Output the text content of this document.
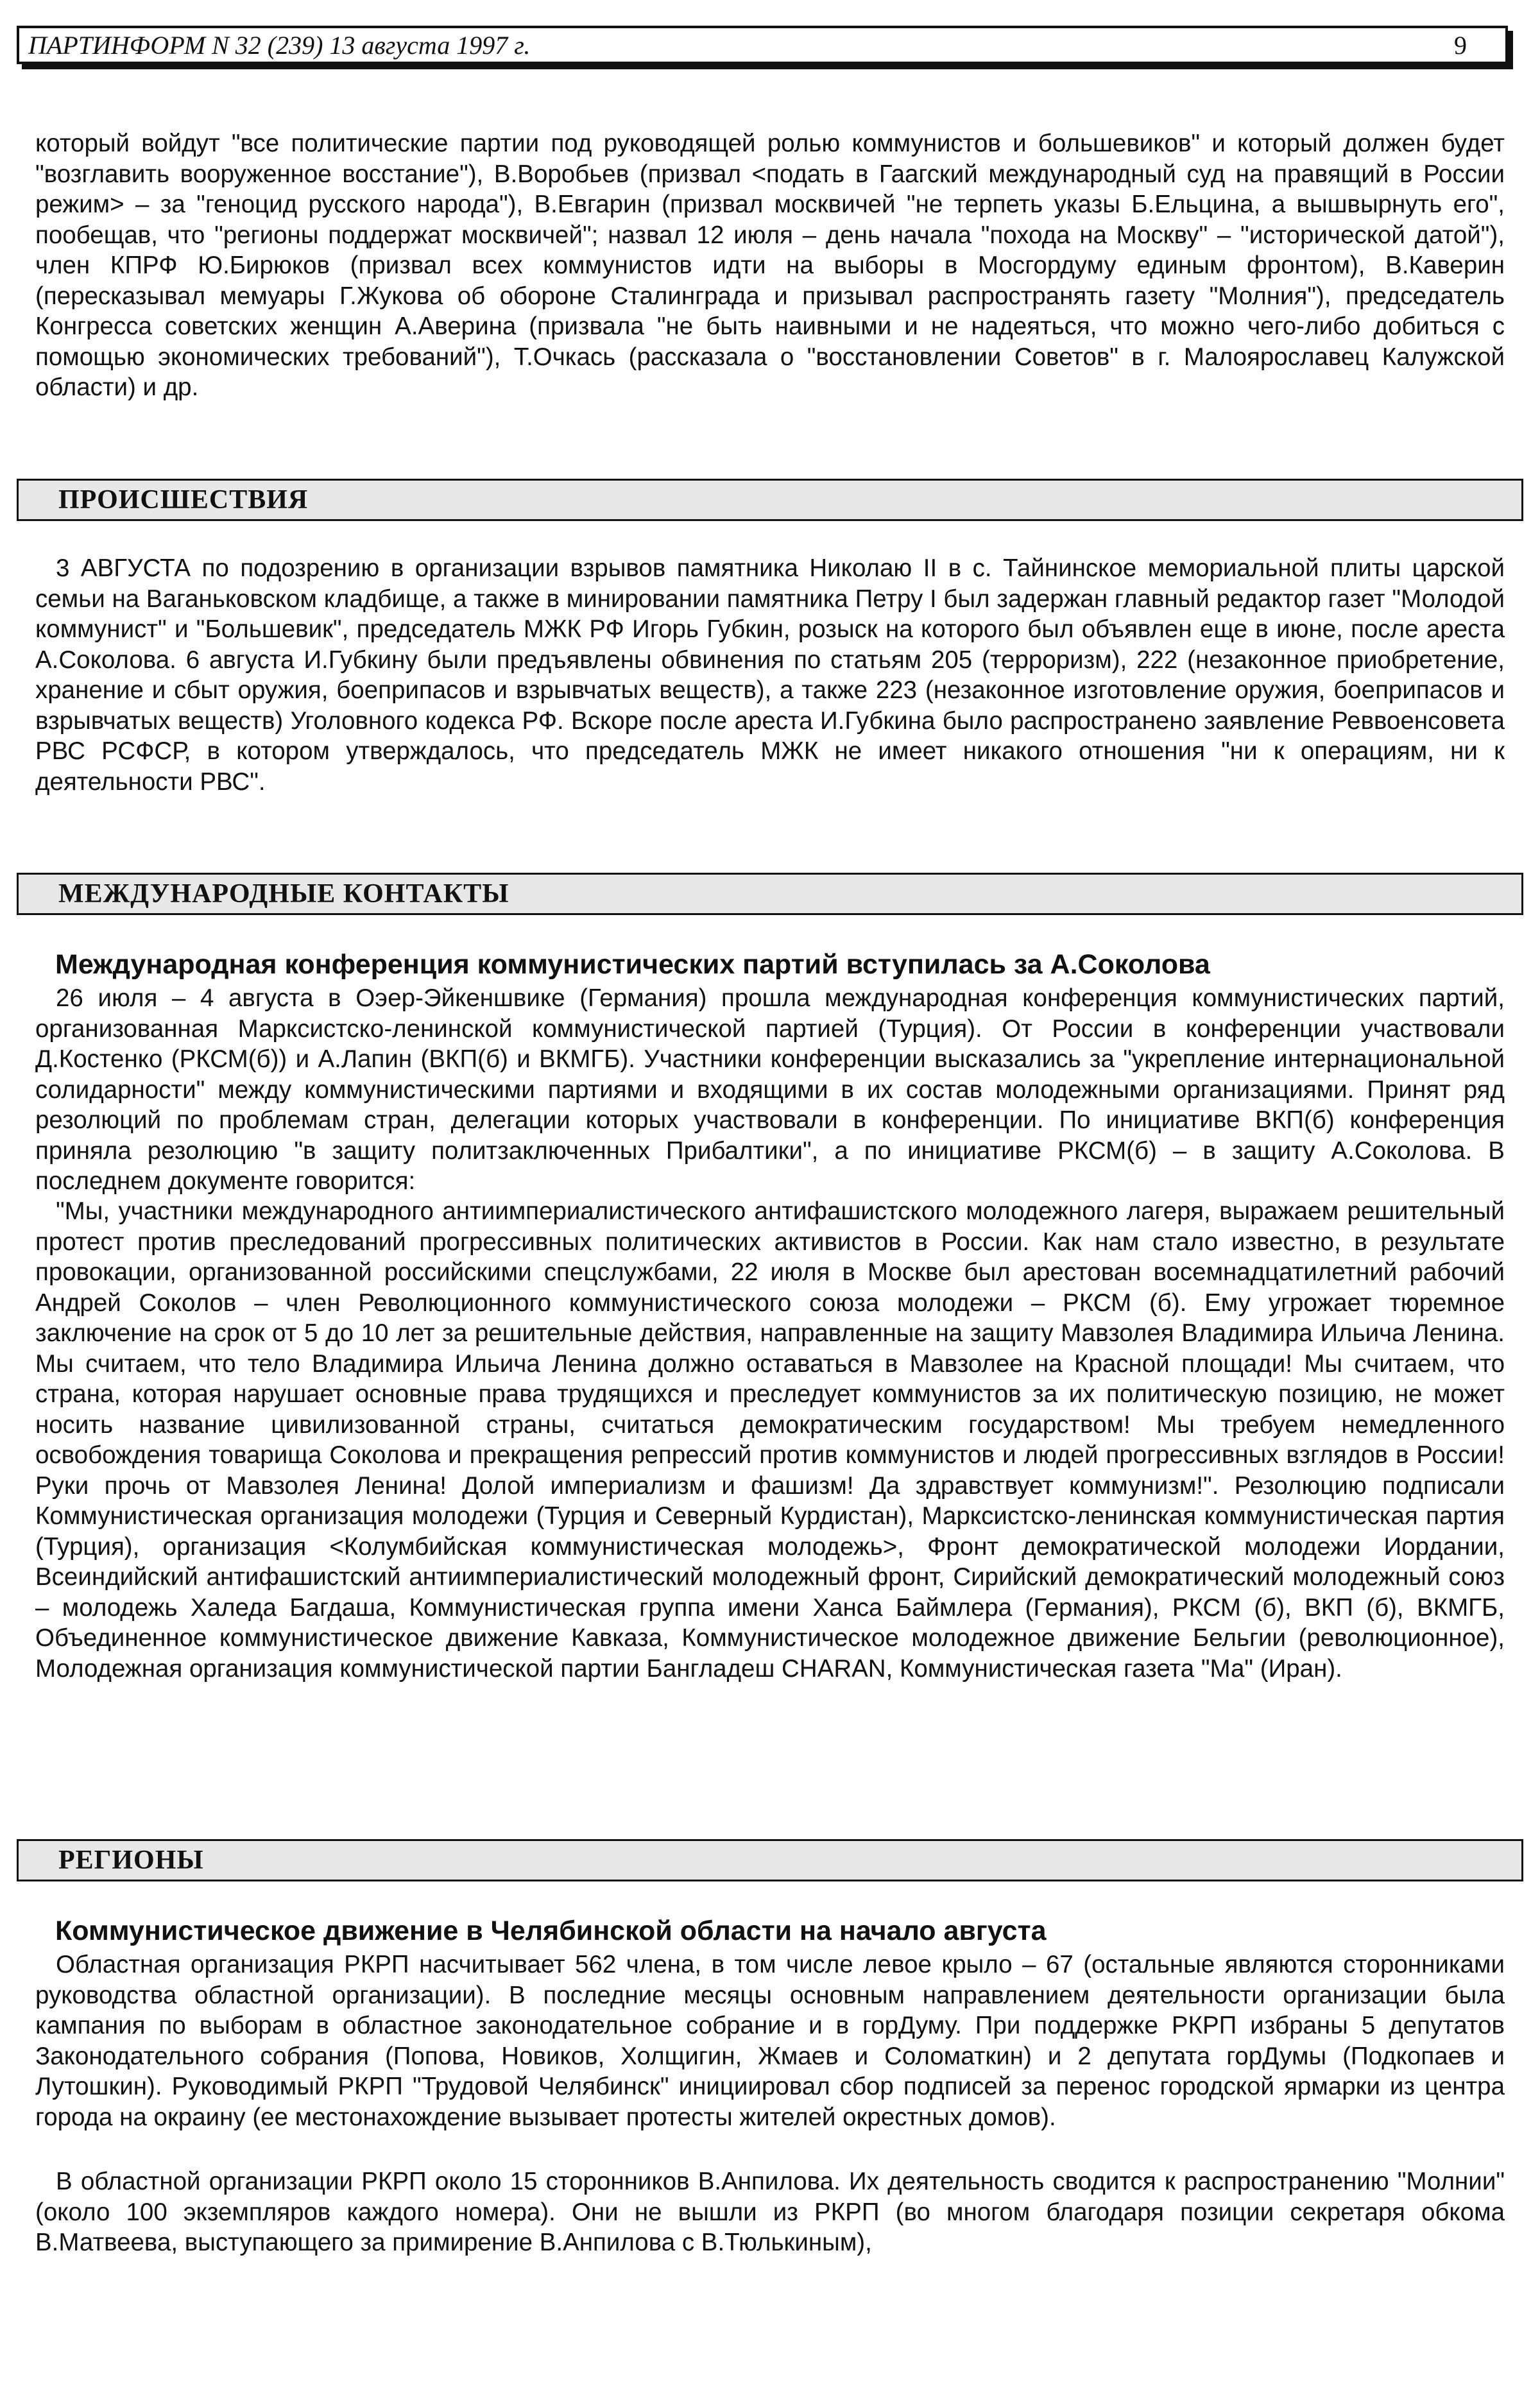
ПАРТИНФОРМ N 32 (239) 13 августа 1997 г.	9

который войдут "все политические партии под руководящей ролью коммунистов и большевиков" и который должен будет "возглавить вооруженное восстание"), В.Воробьев (призвал <подать в Гаагский международный суд на правящий в России режим> – за "геноцид русского народа"), В.Евгарин (призвал москвичей "не терпеть указы Б.Ельцина, а вышвырнуть его", пообещав, что "регионы поддержат москвичей"; назвал 12 июля – день начала "похода на Москву" – "исторической датой"), член КПРФ Ю.Бирюков (призвал всех коммунистов идти на выборы в Мосгордуму единым фронтом), В.Каверин (пересказывал мемуары Г.Жукова об обороне Сталинграда и призывал распространять газету "Молния"), председатель Конгресса советских женщин А.Аверина (призвала "не быть наивными и не надеяться, что можно чего-либо добиться с помощью экономических требований"), Т.Очкась (рассказала о "восстановлении Советов" в г. Малоярославец Калужской области) и др.

ПРОИСШЕСТВИЯ

3 АВГУСТА по подозрению в организации взрывов памятника Николаю II в с. Тайнинское мемориальной плиты царской семьи на Ваганьковском кладбище, а также в минировании памятника Петру I был задержан главный редактор газет "Молодой коммунист" и "Большевик", председатель МЖК РФ Игорь Губкин, розыск на которого был объявлен еще в июне, после ареста А.Соколова. 6 августа И.Губкину были предъявлены обвинения по статьям 205 (терроризм), 222 (незаконное приобретение, хранение и сбыт оружия, боеприпасов и взрывчатых веществ), а также 223 (незаконное изготовление оружия, боеприпасов и взрывчатых веществ) Уголовного кодекса РФ. Вскоре после ареста И.Губкина было распространено заявление Реввоенсовета РВС РСФСР, в котором утверждалось, что председатель МЖК не имеет никакого отношения "ни к операциям, ни к деятельности РВС".

МЕЖДУНАРОДНЫЕ КОНТАКТЫ
Международная конференция коммунистических партий вступилась за А.Соколова

26 июля – 4 августа в Оэер-Эйкеншвике (Германия) прошла международная конференция коммунистических партий, организованная Марксистско-ленинской коммунистической партией (Турция). От России в конференции участвовали Д.Костенко (РКСМ(б)) и А.Лапин (ВКП(б) и ВКМГБ). Участники конференции высказались за "укрепление интернациональной солидарности" между коммунистическими партиями и входящими в их состав молодежными организациями. Принят ряд резолюций по проблемам стран, делегации которых участвовали в конференции. По инициативе ВКП(б) конференция приняла резолюцию "в защиту политзаключенных Прибалтики", а по инициативе РКСМ(б) – в защиту А.Соколова. В последнем документе говорится:

"Мы, участники международного антиимпериалистического антифашистского молодежного лагеря, выражаем решительный протест против преследований прогрессивных политических активистов в России. Как нам стало известно, в результате провокации, организованной российскими спецслужбами, 22 июля в Москве был арестован восемнадцатилетний рабочий Андрей Соколов – член Революционного коммунистического союза молодежи – РКСМ (б). Ему угрожает тюремное заключение на срок от 5 до 10 лет за решительные действия, направленные на защиту Мавзолея Владимира Ильича Ленина. Мы считаем, что тело Владимира Ильича Ленина должно оставаться в Мавзолее на Красной площади! Мы считаем, что страна, которая нарушает основные права трудящихся и преследует коммунистов за их политическую позицию, не может носить название цивилизованной страны, считаться демократическим государством! Мы требуем немедленного освобождения товарища Соколова и прекращения репрессий против коммунистов и людей прогрессивных взглядов в России! Руки прочь от Мавзолея Ленина! Долой империализм и фашизм! Да здравствует коммунизм!". Резолюцию подписали Коммунистическая организация молодежи (Турция и Северный Курдистан), Марксистско-ленинская коммунистическая партия (Турция), организация <Колумбийская коммунистическая молодежь>, Фронт демократической молодежи Иордании, Всеиндийский антифашистский антиимпериалистический молодежный фронт, Сирийский демократический молодежный союз – молодежь Халеда Багдаша, Коммунистическая группа имени Ханса Баймлера (Германия), РКСМ (б), ВКП (б), ВКМГБ, Объединенное коммунистическое движение Кавказа, Коммунистическое молодежное движение Бельгии (революционное), Молодежная организация коммунистической партии Бангладеш CHARAN, Коммунистическая газета "Ма" (Иран).

РЕГИОНЫ
Коммунистическое движение в Челябинской области на начало августа

Областная организация РКРП насчитывает 562 члена, в том числе левое крыло – 67 (остальные являются сторонниками руководства областной организации). В последние месяцы основным направлением деятельности организации была кампания по выборам в областное законодательное собрание и в горДуму. При поддержке РКРП избраны 5 депутатов Законодательного собрания (Попова, Новиков, Холщигин, Жмаев и Соломаткин) и 2 депутата горДумы (Подкопаев и Лутошкин). Руководимый РКРП "Трудовой Челябинск" инициировал сбор подписей за перенос городской ярмарки из центра города на окраину (ее местонахождение вызывает протесты жителей окрестных домов).

В областной организации РКРП около 15 сторонников В.Анпилова. Их деятельность сводится к распространению "Молнии" (около 100 экземпляров каждого номера). Они не вышли из РКРП (во многом благодаря позиции секретаря обкома В.Матвеева, выступающего за примирение В.Анпилова с В.Тюлькиным),
